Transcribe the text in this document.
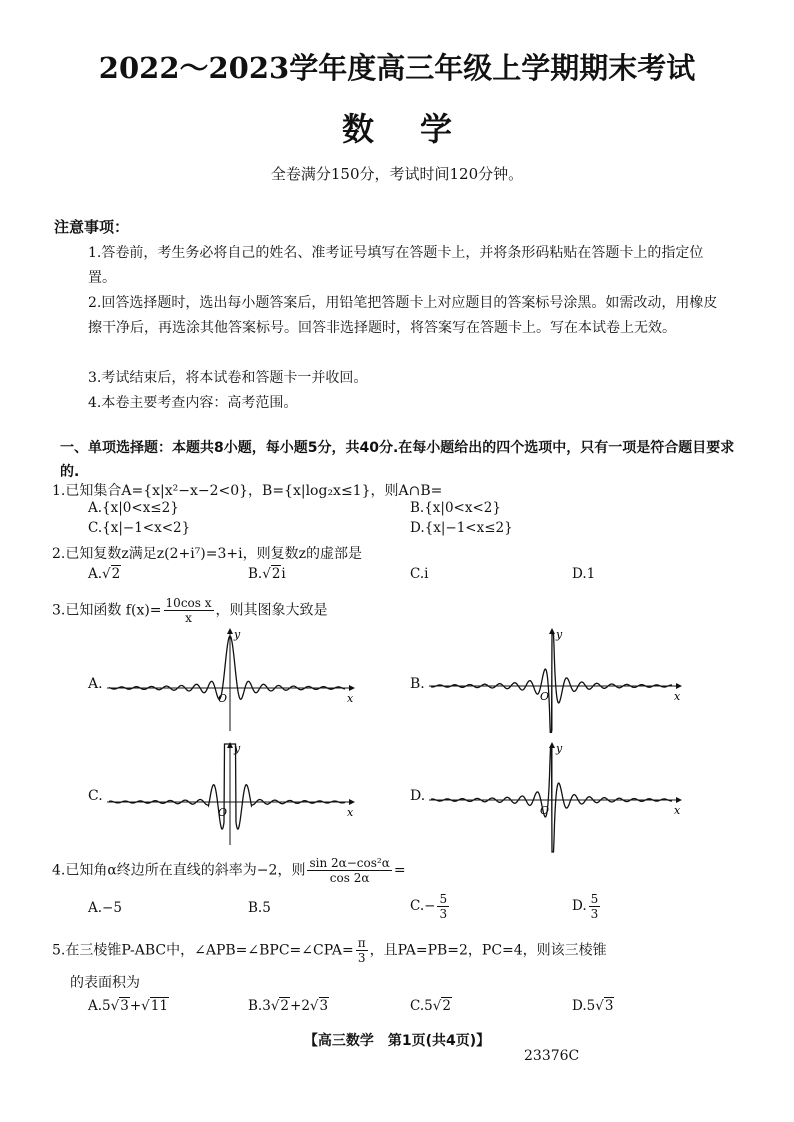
2022～2023学年度高三年级上学期期末考试
数学
全卷满分150分，考试时间120分钟。
注意事项：
1.答卷前，考生务必将自己的姓名、准考证号填写在答题卡上，并将条形码粘贴在答题卡上的指定位置。
2.回答选择题时，选出每小题答案后，用铅笔把答题卡上对应题目的答案标号涂黑。如需改动，用橡皮擦干净后，再选涂其他答案标号。回答非选择题时，将答案写在答题卡上。写在本试卷上无效。
3.考试结束后，将本试卷和答题卡一并收回。
4.本卷主要考查内容：高考范围。
一、单项选择题：本题共8小题，每小题5分，共40分.在每小题给出的四个选项中，只有一项是符合题目要求的.
1.已知集合A={x|x²−x−2<0}，B={x|log₂x≤1}，则A∩B=
A.{x|0<x≤2}	B.{x|0<x<2}
C.{x|−1<x<2}	D.{x|−1<x≤2}
2.已知复数z满足z(2+i⁷)=3+i，则复数z的虚部是
A.√2	B.√2i	C.i	D.1
3.已知函数 $f(x)= \frac{\text{10cos x}}{x}$ ，则其图象大致是
A.	B.
C.	D.
y
x
O
y
x
O
y
x
O
y
x
O
4.已知角α终边所在直线的斜率为−2，则 $\frac{\text{sin 2α−cos²α}}{\cos 2\alpha}$ =
A.−5	B.5	$C.- \frac{5}{3}$	D. $\frac{5}{3}$
5.在三棱锥P-ABC中，∠APB=∠BPC=∠CPA= $\frac{\pi}{3}$ ，且PA=PB=2，PC=4，则该三棱锥
的表面积为
A.5√3+√11	B.3√2+2√3	C.5√2	D.5√3
【高三数学　第1页(共4页)】
23376C
